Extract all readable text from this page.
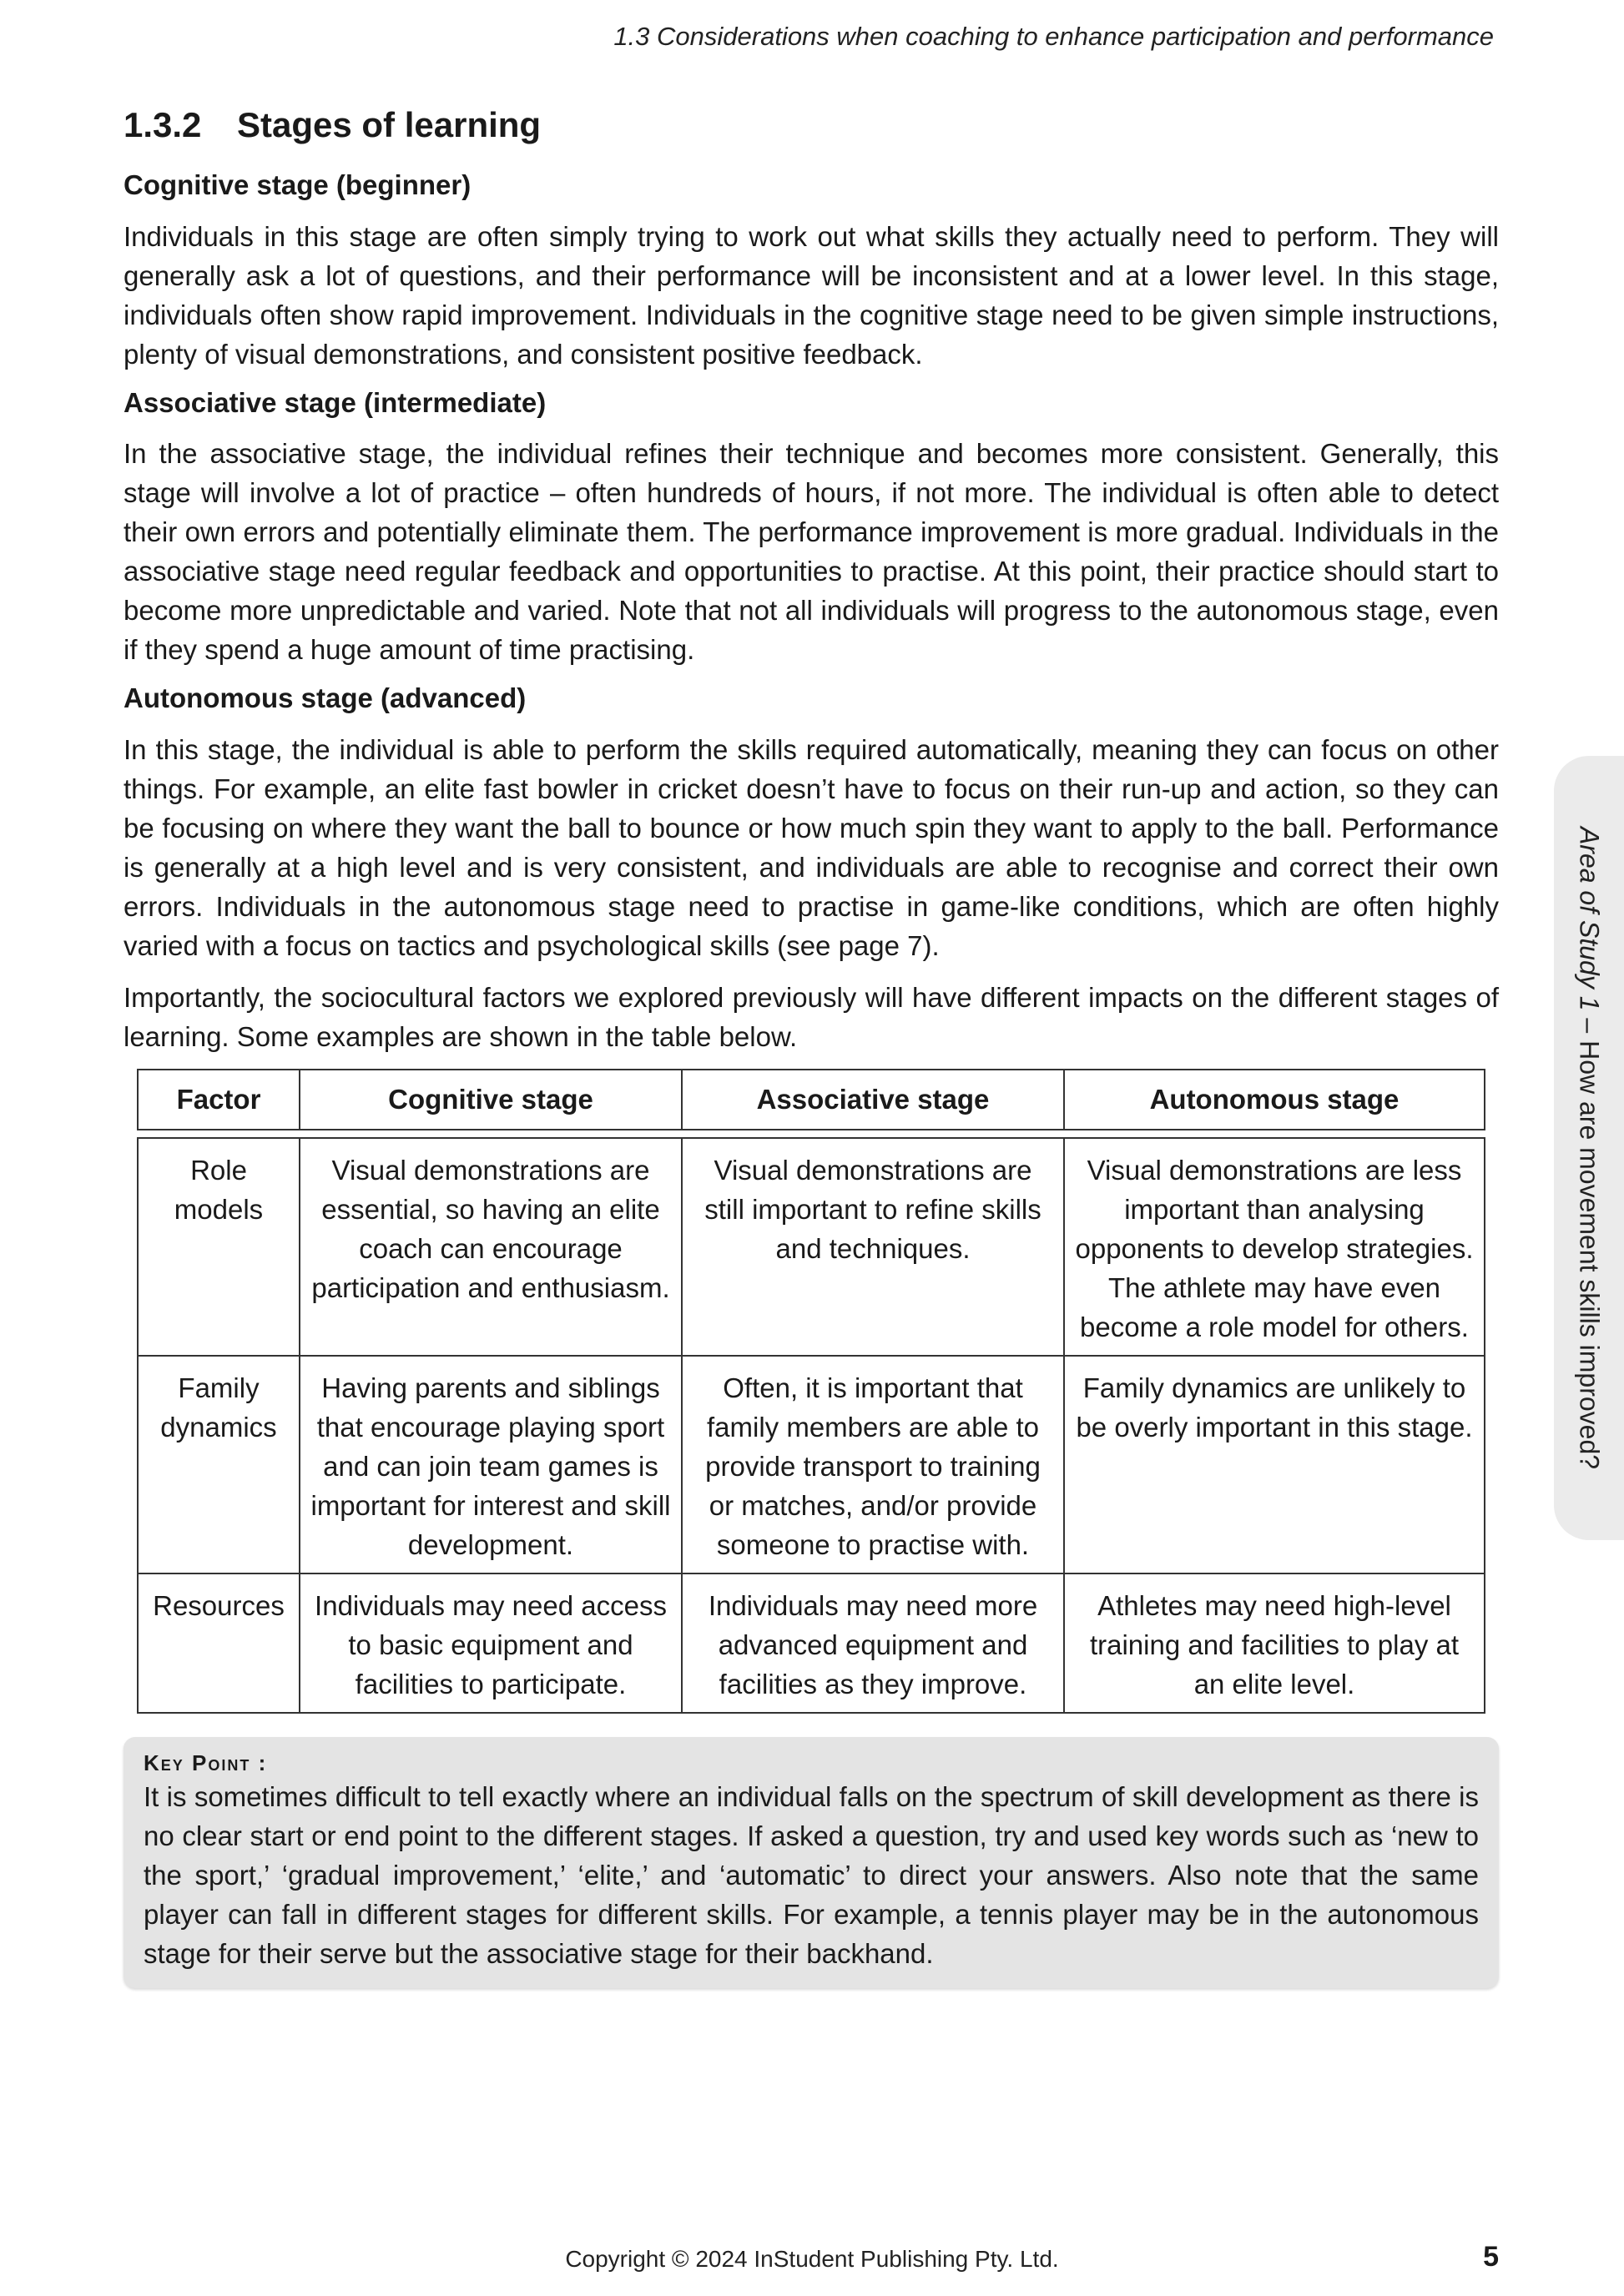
1.3 Considerations when coaching to enhance participation and performance
1.3.2 Stages of learning
Cognitive stage (beginner)

Individuals in this stage are often simply trying to work out what skills they actually need to perform. They will generally ask a lot of questions, and their performance will be inconsistent and at a lower level. In this stage, individuals often show rapid improvement. Individuals in the cognitive stage need to be given simple instructions, plenty of visual demonstrations, and consistent positive feedback.

Associative stage (intermediate)

In the associative stage, the individual refines their technique and becomes more consistent. Generally, this stage will involve a lot of practice – often hundreds of hours, if not more. The individual is often able to detect their own errors and potentially eliminate them. The performance improvement is more gradual. Individuals in the associative stage need regular feedback and opportunities to practise. At this point, their practice should start to become more unpredictable and varied. Note that not all individuals will progress to the autonomous stage, even if they spend a huge amount of time practising.

Autonomous stage (advanced)

In this stage, the individual is able to perform the skills required automatically, meaning they can focus on other things. For example, an elite fast bowler in cricket doesn’t have to focus on their run-up and action, so they can be focusing on where they want the ball to bounce or how much spin they want to apply to the ball. Performance is generally at a high level and is very consistent, and individuals are able to recognise and correct their own errors. Individuals in the autonomous stage need to practise in game-like conditions, which are often highly varied with a focus on tactics and psychological skills (see page 7).

Importantly, the sociocultural factors we explored previously will have different impacts on the different stages of learning. Some examples are shown in the table below.

Factor	Cognitive stage	Associative stage	Autonomous stage

Role models	Visual demonstrations are essential, so having an elite coach can encourage participation and enthusiasm.	Visual demonstrations are still important to refine skills and techniques.	Visual demonstrations are less important than analysing opponents to develop strategies. The athlete may have even become a role model for others.
Family dynamics	Having parents and siblings that encourage playing sport and can join team games is important for interest and skill development.	Often, it is important that family members are able to provide transport to training or matches, and/or provide someone to practise with.	Family dynamics are unlikely to be overly important in this stage.
Resources	Individuals may need access to basic equipment and facilities to participate.	Individuals may need more advanced equipment and facilities as they improve.	Athletes may need high-level training and facilities to play at an elite level.
Key Point :

It is sometimes difficult to tell exactly where an individual falls on the spectrum of skill development as there is no clear start or end point to the different stages. If asked a question, try and used key words such as ‘new to the sport,’ ‘gradual improvement,’ ‘elite,’ and ‘automatic’ to direct your answers. Also note that the same player can fall in different stages for different skills. For example, a tennis player may be in the autonomous stage for their serve but the associative stage for their backhand.

Area of Study 1 – How are movement skills improved?
Copyright © 2024 InStudent Publishing Pty. Ltd.	5
